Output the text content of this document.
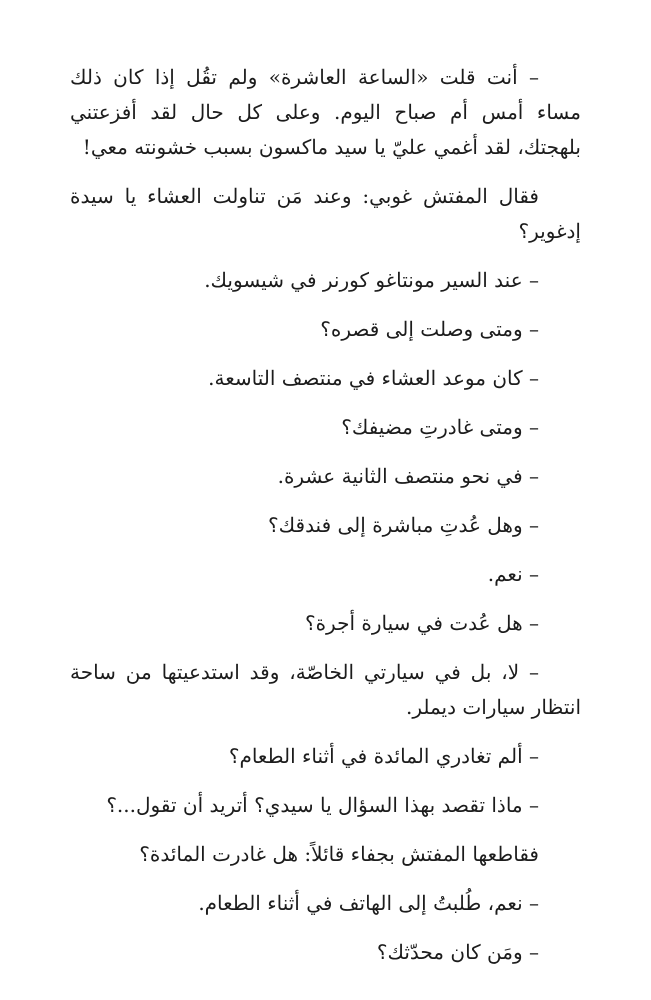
– أنت قلت «الساعة العاشرة» ولم تقُل إذا كان ذلك مساء أمس أم صباح اليوم. وعلى كل حال لقد أفزعتني بلهجتك، لقد أغمي عليّ يا سيد ماكسون بسبب خشونته معي!

فقال المفتش غوبي: وعند مَن تناولت العشاء يا سيدة إدغوير؟

– عند السير مونتاغو كورنر في شيسويك.

– ومتى وصلت إلى قصره؟

– كان موعد العشاء في منتصف التاسعة.

– ومتى غادرتِ مضيفك؟

– في نحو منتصف الثانية عشرة.

– وهل عُدتِ مباشرة إلى فندقك؟

– نعم.

– هل عُدت في سيارة أجرة؟

– لا، بل في سيارتي الخاصّة، وقد استدعيتها من ساحة انتظار سيارات ديملر.

– ألم تغادري المائدة في أثناء الطعام؟

– ماذا تقصد بهذا السؤال يا سيدي؟ أتريد أن تقول...؟

فقاطعها المفتش بجفاء قائلاً: هل غادرت المائدة؟

– نعم، طُلبتُ إلى الهاتف في أثناء الطعام.

– ومَن كان محدّثك؟
